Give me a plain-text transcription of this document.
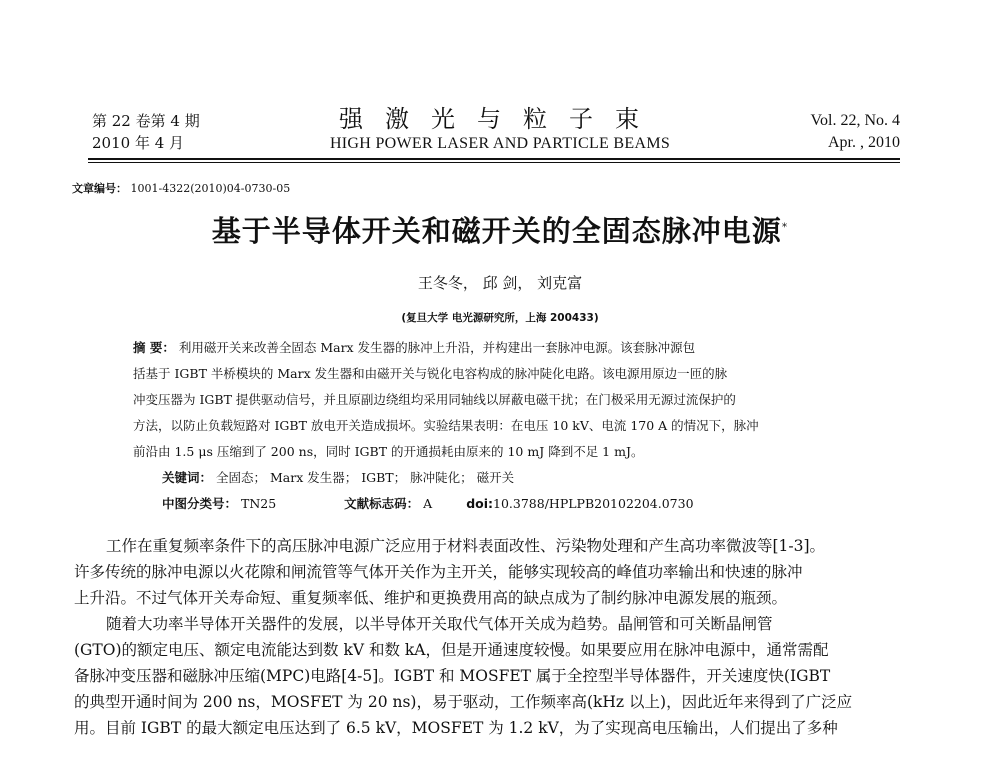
第 22 卷第 4 期
2010 年 4 月
强激光与粒子束
HIGH POWER LASER AND PARTICLE BEAMS
Vol. 22, No. 4
Apr. , 2010
文章编号： 1001-4322(2010)04-0730-05
基于半导体开关和磁开关的全固态脉冲电源*
王冬冬， 邱 剑， 刘克富
(复旦大学 电光源研究所，上海 200433)
摘 要： 利用磁开关来改善全固态 Marx 发生器的脉冲上升沿，并构建出一套脉冲电源。该套脉冲源包
括基于 IGBT 半桥模块的 Marx 发生器和由磁开关与锐化电容构成的脉冲陡化电路。该电源用原边一匝的脉
冲变压器为 IGBT 提供驱动信号，并且原副边绕组均采用同轴线以屏蔽电磁干扰；在门极采用无源过流保护的
方法，以防止负载短路对 IGBT 放电开关造成损坏。实验结果表明：在电压 10 kV、电流 170 A 的情况下，脉冲
前沿由 1.5 μs 压缩到了 200 ns，同时 IGBT 的开通损耗由原来的 10 mJ 降到不足 1 mJ。
关键词： 全固态； Marx 发生器； IGBT； 脉冲陡化； 磁开关
中图分类号： TN25	文献标志码： A	doi:10.3788/HPLPB20102204.0730
工作在重复频率条件下的高压脉冲电源广泛应用于材料表面改性、污染物处理和产生高功率微波等[1-3]。
许多传统的脉冲电源以火花隙和闸流管等气体开关作为主开关，能够实现较高的峰值功率输出和快速的脉冲
上升沿。不过气体开关寿命短、重复频率低、维护和更换费用高的缺点成为了制约脉冲电源发展的瓶颈。
随着大功率半导体开关器件的发展，以半导体开关取代气体开关成为趋势。晶闸管和可关断晶闸管
(GTO)的额定电压、额定电流能达到数 kV 和数 kA，但是开通速度较慢。如果要应用在脉冲电源中，通常需配
备脉冲变压器和磁脉冲压缩(MPC)电路[4-5]。IGBT 和 MOSFET 属于全控型半导体器件，开关速度快(IGBT
的典型开通时间为 200 ns，MOSFET 为 20 ns)，易于驱动，工作频率高(kHz 以上)，因此近年来得到了广泛应
用。目前 IGBT 的最大额定电压达到了 6.5 kV，MOSFET 为 1.2 kV，为了实现高电压输出，人们提出了多种
